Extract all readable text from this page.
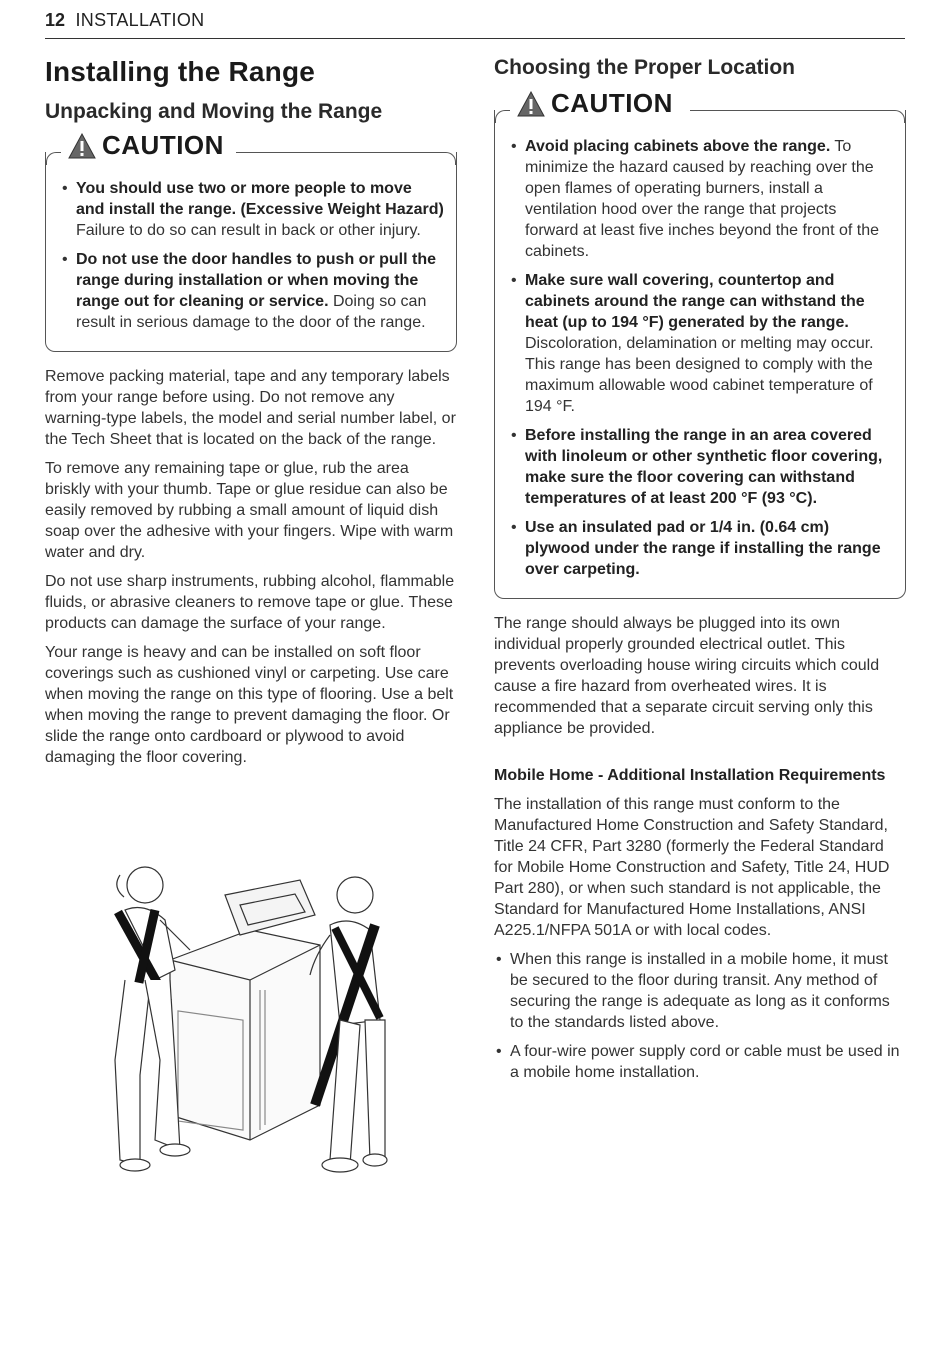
12 INSTALLATION
Installing the Range
Unpacking and Moving the Range
CAUTION
• You should use two or more people to move and install the range. (Excessive Weight Hazard) Failure to do so can result in back or other injury.
• Do not use the door handles to push or pull the range during installation or when moving the range out for cleaning or service. Doing so can result in serious damage to the door of the range.

Remove packing material, tape and any temporary labels from your range before using. Do not remove any warning-type labels, the model and serial number label, or the Tech Sheet that is located on the back of the range.

To remove any remaining tape or glue, rub the area briskly with your thumb. Tape or glue residue can also be easily removed by rubbing a small amount of liquid dish soap over the adhesive with your fingers. Wipe with warm water and dry.

Do not use sharp instruments, rubbing alcohol, flammable fluids, or abrasive cleaners to remove tape or glue. These products can damage the surface of your range.

Your range is heavy and can be installed on soft floor coverings such as cushioned vinyl or carpeting. Use care when moving the range on this type of flooring. Use a belt when moving the range to prevent damaging the floor. Or slide the range onto cardboard or plywood to avoid damaging the floor covering.

Choosing the Proper Location
CAUTION
• Avoid placing cabinets above the range. To minimize the hazard caused by reaching over the open flames of operating burners, install a ventilation hood over the range that projects forward at least five inches beyond the front of the cabinets.
• Make sure wall covering, countertop and cabinets around the range can withstand the heat (up to 194 °F) generated by the range. Discoloration, delamination or melting may occur. This range has been designed to comply with the maximum allowable wood cabinet temperature of 194 °F.
• Before installing the range in an area covered with linoleum or other synthetic floor covering, make sure the floor covering can withstand temperatures of at least 200 °F (93 °C).
• Use an insulated pad or 1/4 in. (0.64 cm) plywood under the range if installing the range over carpeting.

The range should always be plugged into its own individual properly grounded electrical outlet. This prevents overloading house wiring circuits which could cause a fire hazard from overheated wires. It is recommended that a separate circuit serving only this appliance be provided.

Mobile Home - Additional Installation Requirements

The installation of this range must conform to the Manufactured Home Construction and Safety Standard, Title 24 CFR, Part 3280 (formerly the Federal Standard for Mobile Home Construction and Safety, Title 24, HUD Part 280), or when such standard is not applicable, the Standard for Manufactured Home Installations, ANSI A225.1/NFPA 501A or with local codes.

• When this range is installed in a mobile home, it must be secured to the floor during transit. Any method of securing the range is adequate as long as it conforms to the standards listed above.
• A four-wire power supply cord or cable must be used in a mobile home installation.
